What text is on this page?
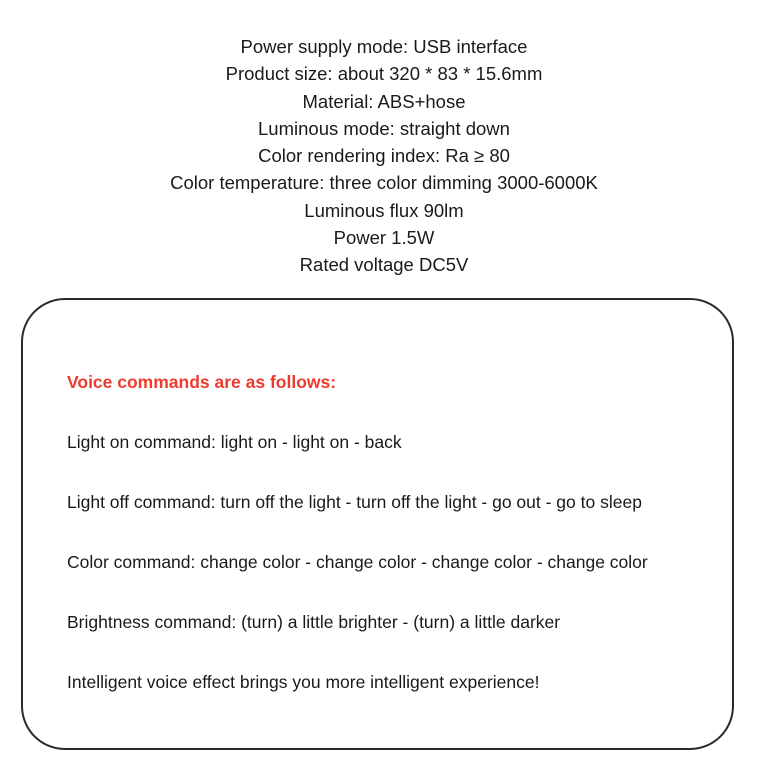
Power supply mode: USB interface
Product size: about 320 * 83 * 15.6mm
Material: ABS+hose
Luminous mode: straight down
Color rendering index: Ra ≥ 80
Color temperature: three color dimming 3000-6000K
Luminous flux 90lm
Power 1.5W
Rated voltage DC5V
Voice commands are as follows:
Light on command: light on - light on - back
Light off command: turn off the light - turn off the light - go out - go to sleep
Color command: change color - change color - change color - change color
Brightness command: (turn) a little brighter - (turn) a little darker
Intelligent voice effect brings you more intelligent experience!
